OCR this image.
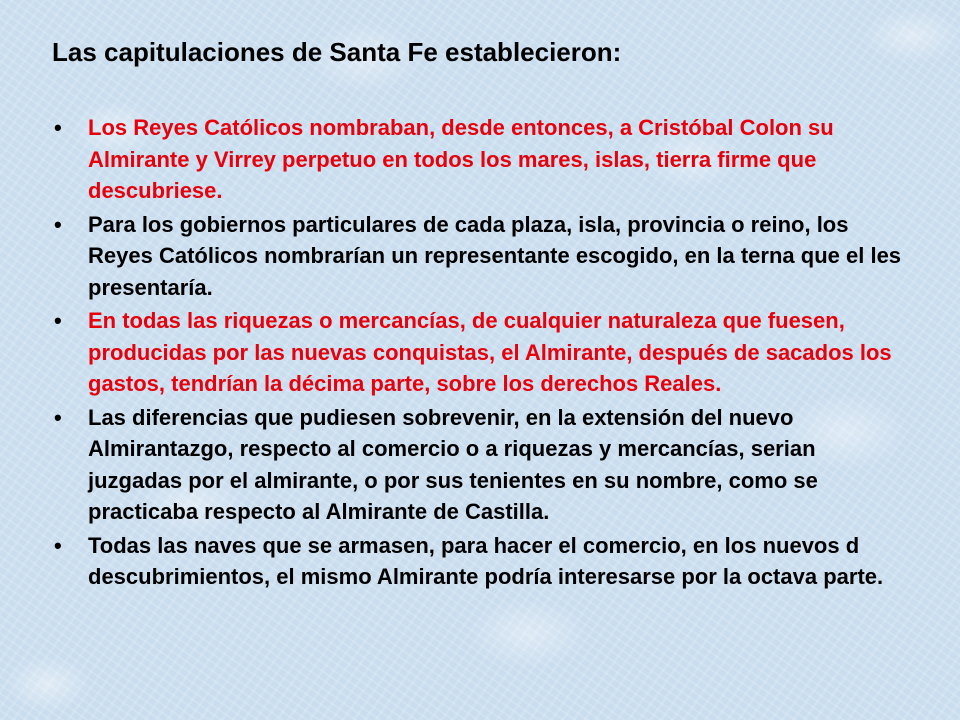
Las capitulaciones de Santa Fe establecieron:
• Los Reyes Católicos nombraban, desde entonces, a Cristóbal Colon su Almirante y Virrey perpetuo en todos los mares, islas, tierra firme que descubriese.
• Para los gobiernos particulares de cada plaza, isla, provincia o reino, los Reyes Católicos nombrarían un representante escogido, en la terna que el les presentaría.
• En todas las riquezas o mercancías, de cualquier naturaleza que fuesen, producidas por las nuevas conquistas, el Almirante, después de sacados los gastos, tendrían la décima parte, sobre los derechos Reales.
• Las diferencias que pudiesen sobrevenir, en la extensión del nuevo Almirantazgo, respecto al comercio o a riquezas y mercancías, serian juzgadas por el almirante, o por sus tenientes en su nombre, como se practicaba respecto al Almirante de Castilla.
• Todas las naves que se armasen, para hacer el comercio, en los nuevos d descubrimientos, el mismo Almirante podría interesarse por la octava parte.
